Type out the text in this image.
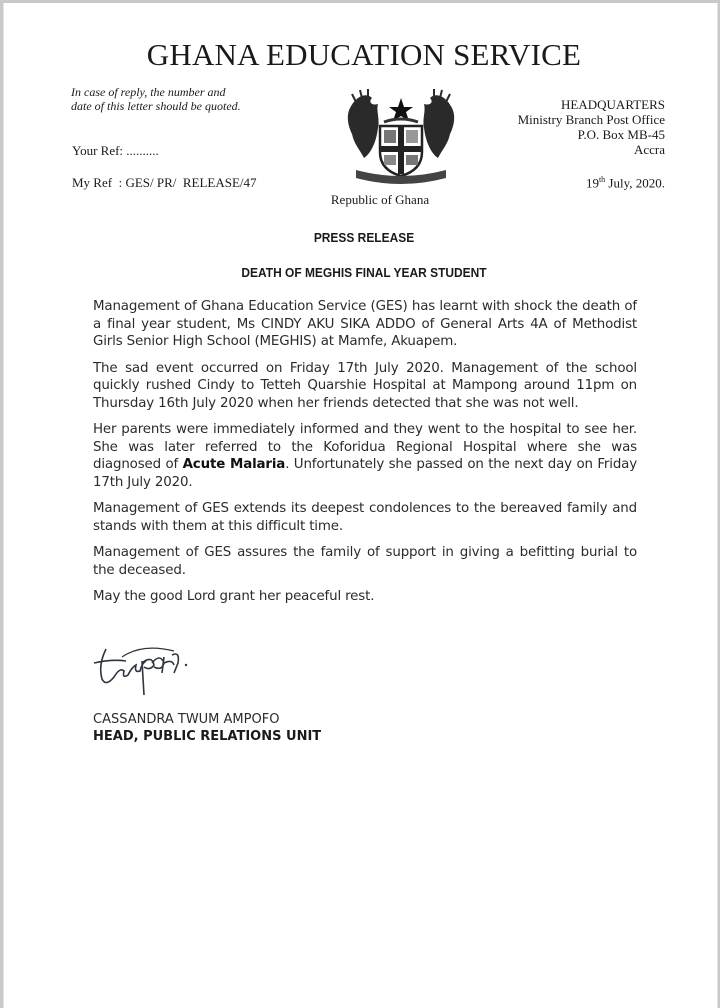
GHANA EDUCATION SERVICE
In case of reply, the number and
date of this letter should be quoted.
Your Ref: ..........
My Ref  : GES/ PR/  RELEASE/47
HEADQUARTERS
Ministry Branch Post Office
P.O. Box MB-45
Accra
19th July, 2020.
Republic of Ghana
PRESS RELEASE
DEATH OF MEGHIS FINAL YEAR STUDENT

Management of Ghana Education Service (GES) has learnt with shock the death of a final year student, Ms CINDY AKU SIKA ADDO of General Arts 4A of Methodist Girls Senior High School (MEGHIS) at Mamfe, Akuapem.

The sad event occurred on Friday 17th July 2020. Management of the school quickly rushed Cindy to Tetteh Quarshie Hospital at Mampong around 11pm on Thursday 16th July 2020 when her friends detected that she was not well.

Her parents were immediately informed and they went to the hospital to see her. She was later referred to the Koforidua Regional Hospital where she was diagnosed of Acute Malaria. Unfortunately she passed on the next day on Friday 17th July 2020.

Management of GES extends its deepest condolences to the bereaved family and stands with them at this difficult time.

Management of GES assures the family of support in giving a befitting burial to the deceased.

May the good Lord grant her peaceful rest.

CASSANDRA TWUM AMPOFO
HEAD, PUBLIC RELATIONS UNIT
